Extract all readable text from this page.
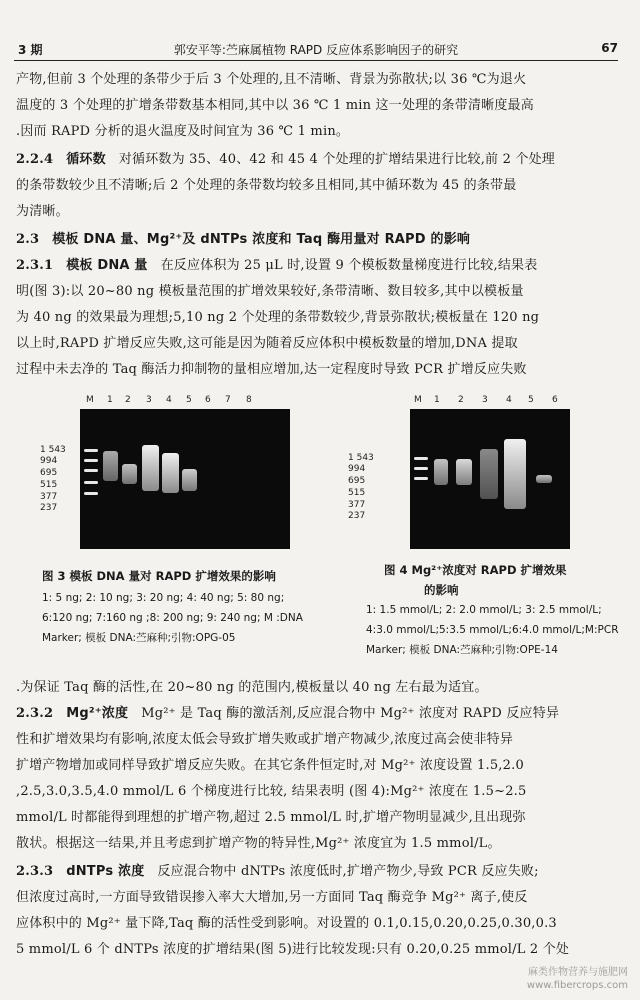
3 期	郭安平等:苎麻属植物 RAPD 反应体系影响因子的研究	67
产物,但前 3 个处理的条带少于后 3 个处理的,且不清晰、背景为弥散状;以 36 ℃为退火
温度的 3 个处理的扩增条带数基本相同,其中以 36 ℃ 1 min 这一处理的条带清晰度最高
.因而 RAPD 分析的退火温度及时间宜为 36 ℃ 1 min。
2.2.4 循环数 对循环数为 35、40、42 和 45 4 个处理的扩增结果进行比较,前 2 个处理
的条带数较少且不清晰;后 2 个处理的条带数均较多且相同,其中循环数为 45 的条带最
为清晰。
2.3 模板 DNA 量、Mg²⁺及 dNTPs 浓度和 Taq 酶用量对 RAPD 的影响
2.3.1 模板 DNA 量 在反应体积为 25 μL 时,设置 9 个模板数量梯度进行比较,结果表
明(图 3):以 20~80 ng 模板量范围的扩增效果较好,条带清晰、数目较多,其中以模板量
为 40 ng 的效果最为理想;5,10 ng 2 个处理的条带数较少,背景弥散状;模板量在 120 ng
以上时,RAPD 扩增反应失败,这可能是因为随着反应体积中模板数量的增加,DNA 提取
过程中未去净的 Taq 酶活力抑制物的量相应增加,达一定程度时导致 PCR 扩增反应失败
M 1 2 3 4 5 6 7 8
1 543
994
695
515
377
237
图 3 模板 DNA 量对 RAPD 扩增效果的影响
1: 5 ng; 2: 10 ng; 3: 20 ng; 4: 40 ng; 5: 80 ng;
6:120 ng; 7:160 ng ;8: 200 ng; 9: 240 ng; M :DNA
Marker; 模板 DNA:苎麻种;引物:OPG-05
M 1 2 3 4 5 6
1 543
994
695
515
377
237
图 4 Mg²⁺浓度对 RAPD 扩增效果
的影响
1: 1.5 mmol/L; 2: 2.0 mmol/L; 3: 2.5 mmol/L;
4:3.0 mmol/L;5:3.5 mmol/L;6:4.0 mmol/L;M:PCR
Marker; 模板 DNA:苎麻种;引物:OPE-14
.为保证 Taq 酶的活性,在 20~80 ng 的范围内,模板量以 40 ng 左右最为适宜。
2.3.2 Mg²⁺浓度 Mg²⁺ 是 Taq 酶的激活剂,反应混合物中 Mg²⁺ 浓度对 RAPD 反应特异
性和扩增效果均有影响,浓度太低会导致扩增失败或扩增产物减少,浓度过高会使非特异
扩增产物增加或同样导致扩增反应失败。在其它条件恒定时,对 Mg²⁺ 浓度设置 1.5,2.0
,2.5,3.0,3.5,4.0 mmol/L 6 个梯度进行比较, 结果表明 (图 4):Mg²⁺ 浓度在 1.5~2.5
mmol/L 时都能得到理想的扩增产物,超过 2.5 mmol/L 时,扩增产物明显减少,且出现弥
散状。根据这一结果,并且考虑到扩增产物的特异性,Mg²⁺ 浓度宜为 1.5 mmol/L。
2.3.3 dNTPs 浓度 反应混合物中 dNTPs 浓度低时,扩增产物少,导致 PCR 反应失败;
但浓度过高时,一方面导致错误掺入率大大增加,另一方面同 Taq 酶竞争 Mg²⁺ 离子,使反
应体积中的 Mg²⁺ 量下降,Taq 酶的活性受到影响。对设置的 0.1,0.15,0.20,0.25,0.30,0.3
5 mmol/L 6 个 dNTPs 浓度的扩增结果(图 5)进行比较发现:只有 0.20,0.25 mmol/L 2 个处
麻类作物营养与施肥网
www.fibercrops.com
